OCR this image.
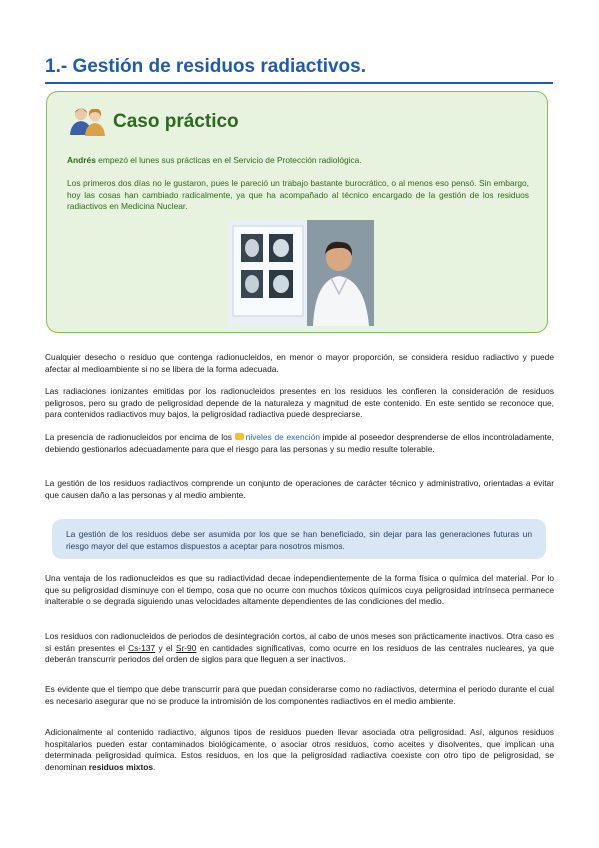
1.- Gestión de residuos radiactivos.
Caso práctico

Andrés empezó el lunes sus prácticas en el Servicio de Protección radiológica.

Los primeros dos días no le gustaron, pues le pareció un trabajo bastante burocrático, o al menos eso pensó. Sin embargo, hoy las cosas han cambiado radicalmente, ya que ha acompañado al técnico encargado de la gestión de los residuos radiactivos en Medicina Nuclear.

Cualquier desecho o residuo que contenga radionucleidos, en menor o mayor proporción, se considera residuo radiactivo y puede afectar al medioambiente si no se libera de la forma adecuada.

Las radiaciones ionizantes emitidas por los radionucleidos presentes en los residuos les confieren la consideración de residuos peligrosos, pero su grado de peligrosidad depende de la naturaleza y magnitud de este contenido. En este sentido se reconoce que, para contenidos radiactivos muy bajos, la peligrosidad radiactiva puede despreciarse.

La presencia de radionucleidos por encima de los niveles de exención impide al poseedor desprenderse de ellos incontroladamente, debiendo gestionarlos adecuadamente para que el riesgo para las personas y su medio resulte tolerable.

La gestión de los residuos radiactivos comprende un conjunto de operaciones de carácter técnico y administrativo, orientadas a evitar que causen daño a las personas y al medio ambiente.

La gestión de los residuos debe ser asumida por los que se han beneficiado, sin dejar para las generaciones futuras un riesgo mayor del que estamos dispuestos a aceptar para nosotros mismos.

Una ventaja de los radionucleidos es que su radiactividad decae independientemente de la forma física o química del material. Por lo que su peligrosidad disminuye con el tiempo, cosa que no ocurre con muchos tóxicos químicos cuya peligrosidad intrínseca permanece inalterable o se degrada siguiendo unas velocidades altamente dependientes de las condiciones del medio.

Los residuos con radionucleidos de periodos de desintegración cortos, al cabo de unos meses son prácticamente inactivos. Otra caso es si están presentes el Cs-137 y el Sr-90 en cantidades significativas, como ocurre en los residuos de las centrales nucleares, ya que deberán transcurrir periodos del orden de siglos para que lleguen a ser inactivos.

Es evidente que el tiempo que debe transcurrir para que puedan considerarse como no radiactivos, determina el periodo durante el cual es necesario asegurar que no se produce la intromisión de los componentes radiactivos en el medio ambiente.

Adicionalmente al contenido radiactivo, algunos tipos de residuos pueden llevar asociada otra peligrosidad. Así, algunos residuos hospitalarios pueden estar contaminados biológicamente, o asociar otros residuos, como aceites y disolventes, que implican una determinada peligrosidad química. Estos residuos, en los que la peligrosidad radiactiva coexiste con otro tipo de peligrosidad, se denominan residuos mixtos.
